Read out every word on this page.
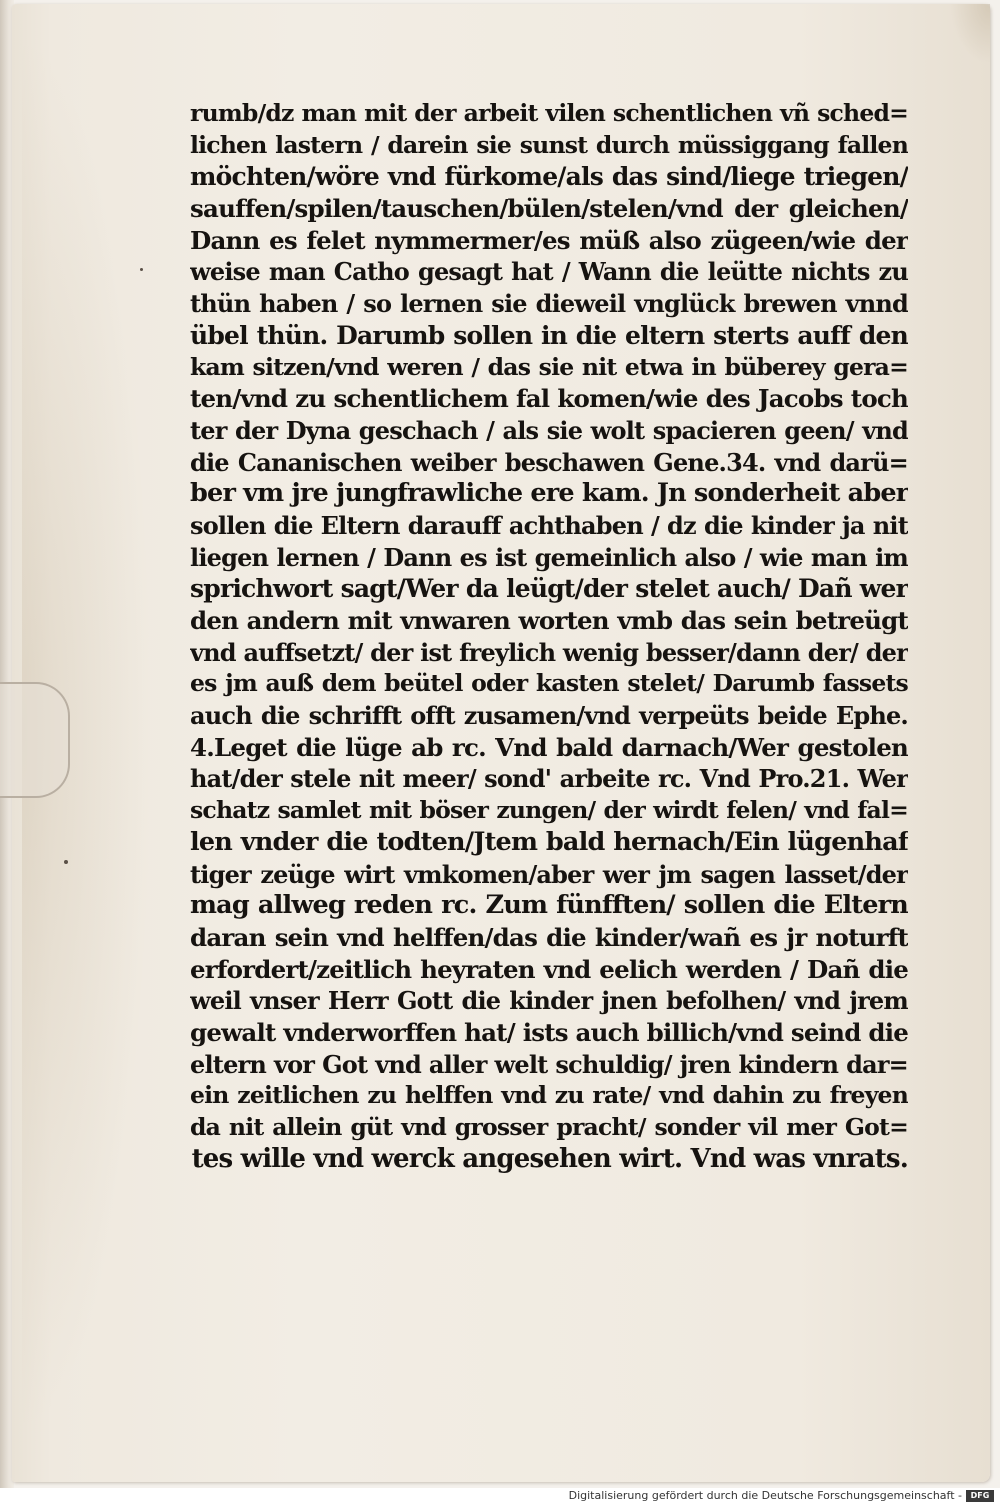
rumb/dz man mit der arbeit vilen schentlichen vñ sched=
lichen lastern / darein sie sunst durch müssiggang fallen
möchten/wöre vnd fürkome/als das sind/liege triegen/
sauffen/spilen/tauschen/bülen/stelen/vnd der gleichen/
Dann es felet nymmermer/es müß also zügeen/wie der
weise man Catho gesagt hat / Wann die leütte nichts zu
thün haben / so lernen sie dieweil vnglück brewen vnnd
übel thün. Darumb sollen in die eltern sterts auff den
kam sitzen/vnd weren / das sie nit etwa in büberey gera=
ten/vnd zu schentlichem fal komen/wie des Jacobs toch
ter der Dyna geschach / als sie wolt spacieren geen/ vnd
die Cananischen weiber beschawen Gene.34. vnd darü=
ber vm jre jungfrawliche ere kam. Jn sonderheit aber
sollen die Eltern darauff achthaben / dz die kinder ja nit
liegen lernen / Dann es ist gemeinlich also / wie man im
sprichwort sagt/Wer da leügt/der stelet auch/ Dañ wer
den andern mit vnwaren worten vmb das sein betreügt
vnd auffsetzt/ der ist freylich wenig besser/dann der/ der
es jm auß dem beütel oder kasten stelet/ Darumb fassets
auch die schrifft offt zusamen/vnd verpeüts beide Ephe.
4.Leget die lüge ab rc. Vnd bald darnach/Wer gestolen
hat/der stele nit meer/ sond' arbeite rc. Vnd Pro.21. Wer
schatz samlet mit böser zungen/ der wirdt felen/ vnd fal=
len vnder die todten/Jtem bald hernach/Ein lügenhaf
tiger zeüge wirt vmkomen/aber wer jm sagen lasset/der
mag allweg reden rc. Zum fünfften/ sollen die Eltern
daran sein vnd helffen/das die kinder/wañ es jr noturft
erfordert/zeitlich heyraten vnd eelich werden / Dañ die
weil vnser Herr Gott die kinder jnen befolhen/ vnd jrem
gewalt vnderworffen hat/ ists auch billich/vnd seind die
eltern vor Got vnd aller welt schuldig/ jren kindern dar=
ein zeitlichen zu helffen vnd zu rate/ vnd dahin zu freyen
da nit allein güt vnd grosser pracht/ sonder vil mer Got=
tes wille vnd werck angesehen wirt. Vnd was vnrats.
Digitalisierung gefördert durch die Deutsche Forschungsgemeinschaft -	DFG
